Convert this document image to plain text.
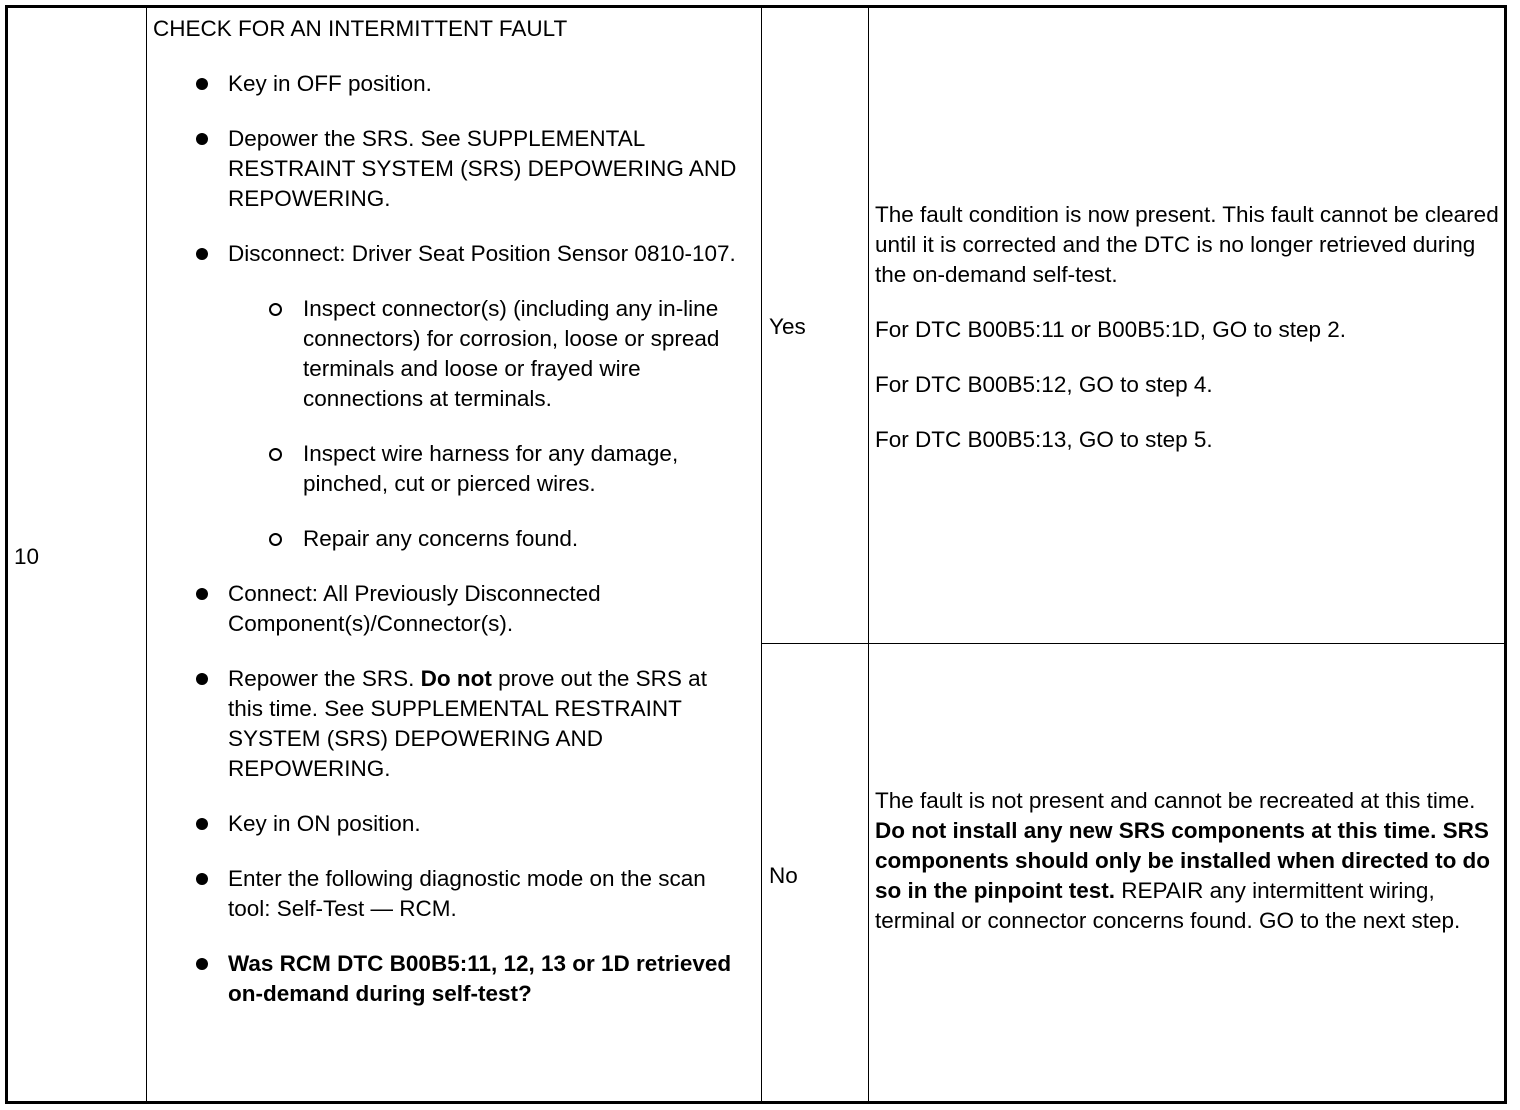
10
CHECK FOR AN INTERMITTENT FAULT
Key in OFF position.
Depower the SRS. See SUPPLEMENTAL RESTRAINT SYSTEM (SRS) DEPOWERING AND REPOWERING.
Disconnect: Driver Seat Position Sensor 0810-107.
Inspect connector(s) (including any in-line connectors) for corrosion, loose or spread terminals and loose or frayed wire connections at terminals.
Inspect wire harness for any damage, pinched, cut or pierced wires.
Repair any concerns found.
Connect: All Previously Disconnected Component(s)/Connector(s).
Repower the SRS. Do not prove out the SRS at this time. See SUPPLEMENTAL RESTRAINT SYSTEM (SRS) DEPOWERING AND REPOWERING.
Key in ON position.
Enter the following diagnostic mode on the scan tool: Self-Test — RCM.
Was RCM DTC B00B5:11, 12, 13 or 1D retrieved on-demand during self-test?
Yes

The fault condition is now present. This fault cannot be cleared until it is corrected and the DTC is no longer retrieved during the on-demand self-test.

For DTC B00B5:11 or B00B5:1D, GO to step 2.

For DTC B00B5:12, GO to step 4.

For DTC B00B5:13, GO to step 5.

No

The fault is not present and cannot be recreated at this time. Do not install any new SRS components at this time. SRS components should only be installed when directed to do so in the pinpoint test. REPAIR any intermittent wiring, terminal or connector concerns found. GO to the next step.
